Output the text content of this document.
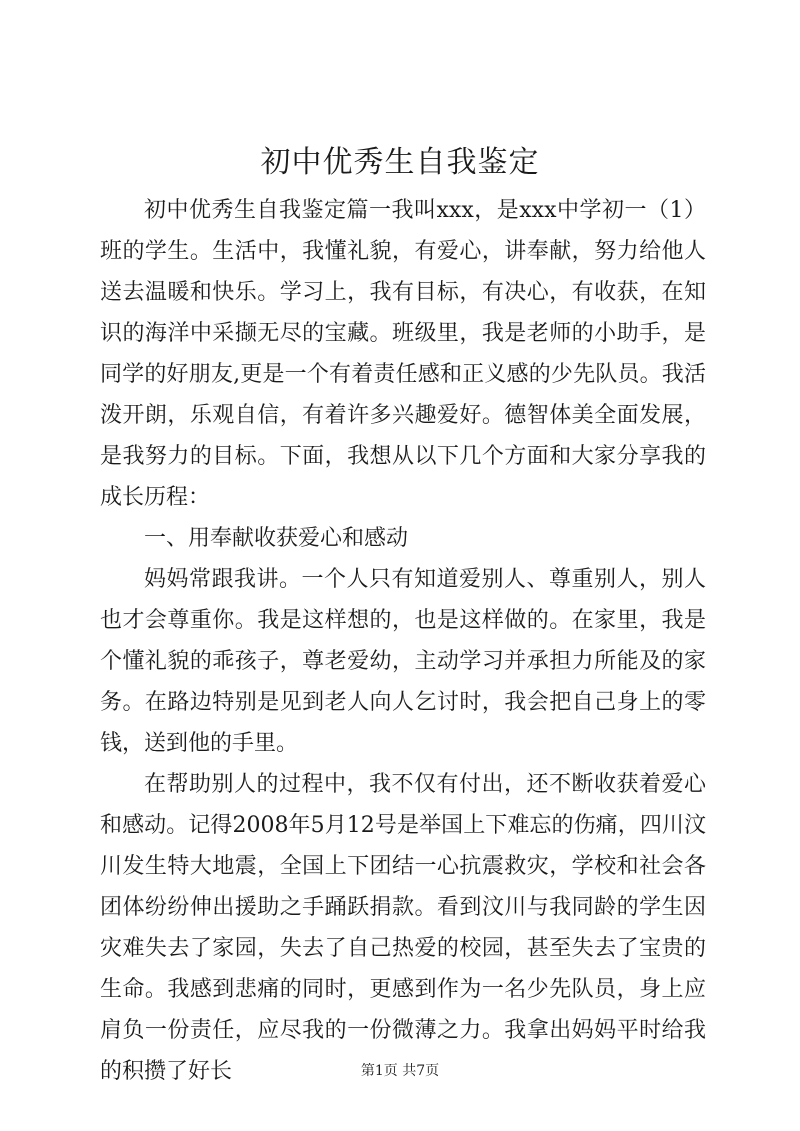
初中优秀生自我鉴定

初中优秀生自我鉴定篇一我叫xxx，是xxx中学初一（1）班的学生。生活中，我懂礼貌，有爱心，讲奉献，努力给他人送去温暖和快乐。学习上，我有目标，有决心，有收获，在知识的海洋中采撷无尽的宝藏。班级里，我是老师的小助手，是同学的好朋友,更是一个有着责任感和正义感的少先队员。我活泼开朗，乐观自信，有着许多兴趣爱好。德智体美全面发展，是我努力的目标。下面，我想从以下几个方面和大家分享我的成长历程：

一、用奉献收获爱心和感动

妈妈常跟我讲。一个人只有知道爱别人、尊重别人，别人也才会尊重你。我是这样想的，也是这样做的。在家里，我是个懂礼貌的乖孩子，尊老爱幼，主动学习并承担力所能及的家务。在路边特别是见到老人向人乞讨时，我会把自己身上的零钱，送到他的手里。

在帮助别人的过程中，我不仅有付出，还不断收获着爱心和感动。记得2008年5月12号是举国上下难忘的伤痛，四川汶川发生特大地震，全国上下团结一心抗震救灾，学校和社会各团体纷纷伸出援助之手踊跃捐款。看到汶川与我同龄的学生因灾难失去了家园，失去了自己热爱的校园，甚至失去了宝贵的生命。我感到悲痛的同时，更感到作为一名少先队员，身上应肩负一份责任，应尽我的一份微薄之力。我拿出妈妈平时给我的积攒了好长	第1页 共7页
